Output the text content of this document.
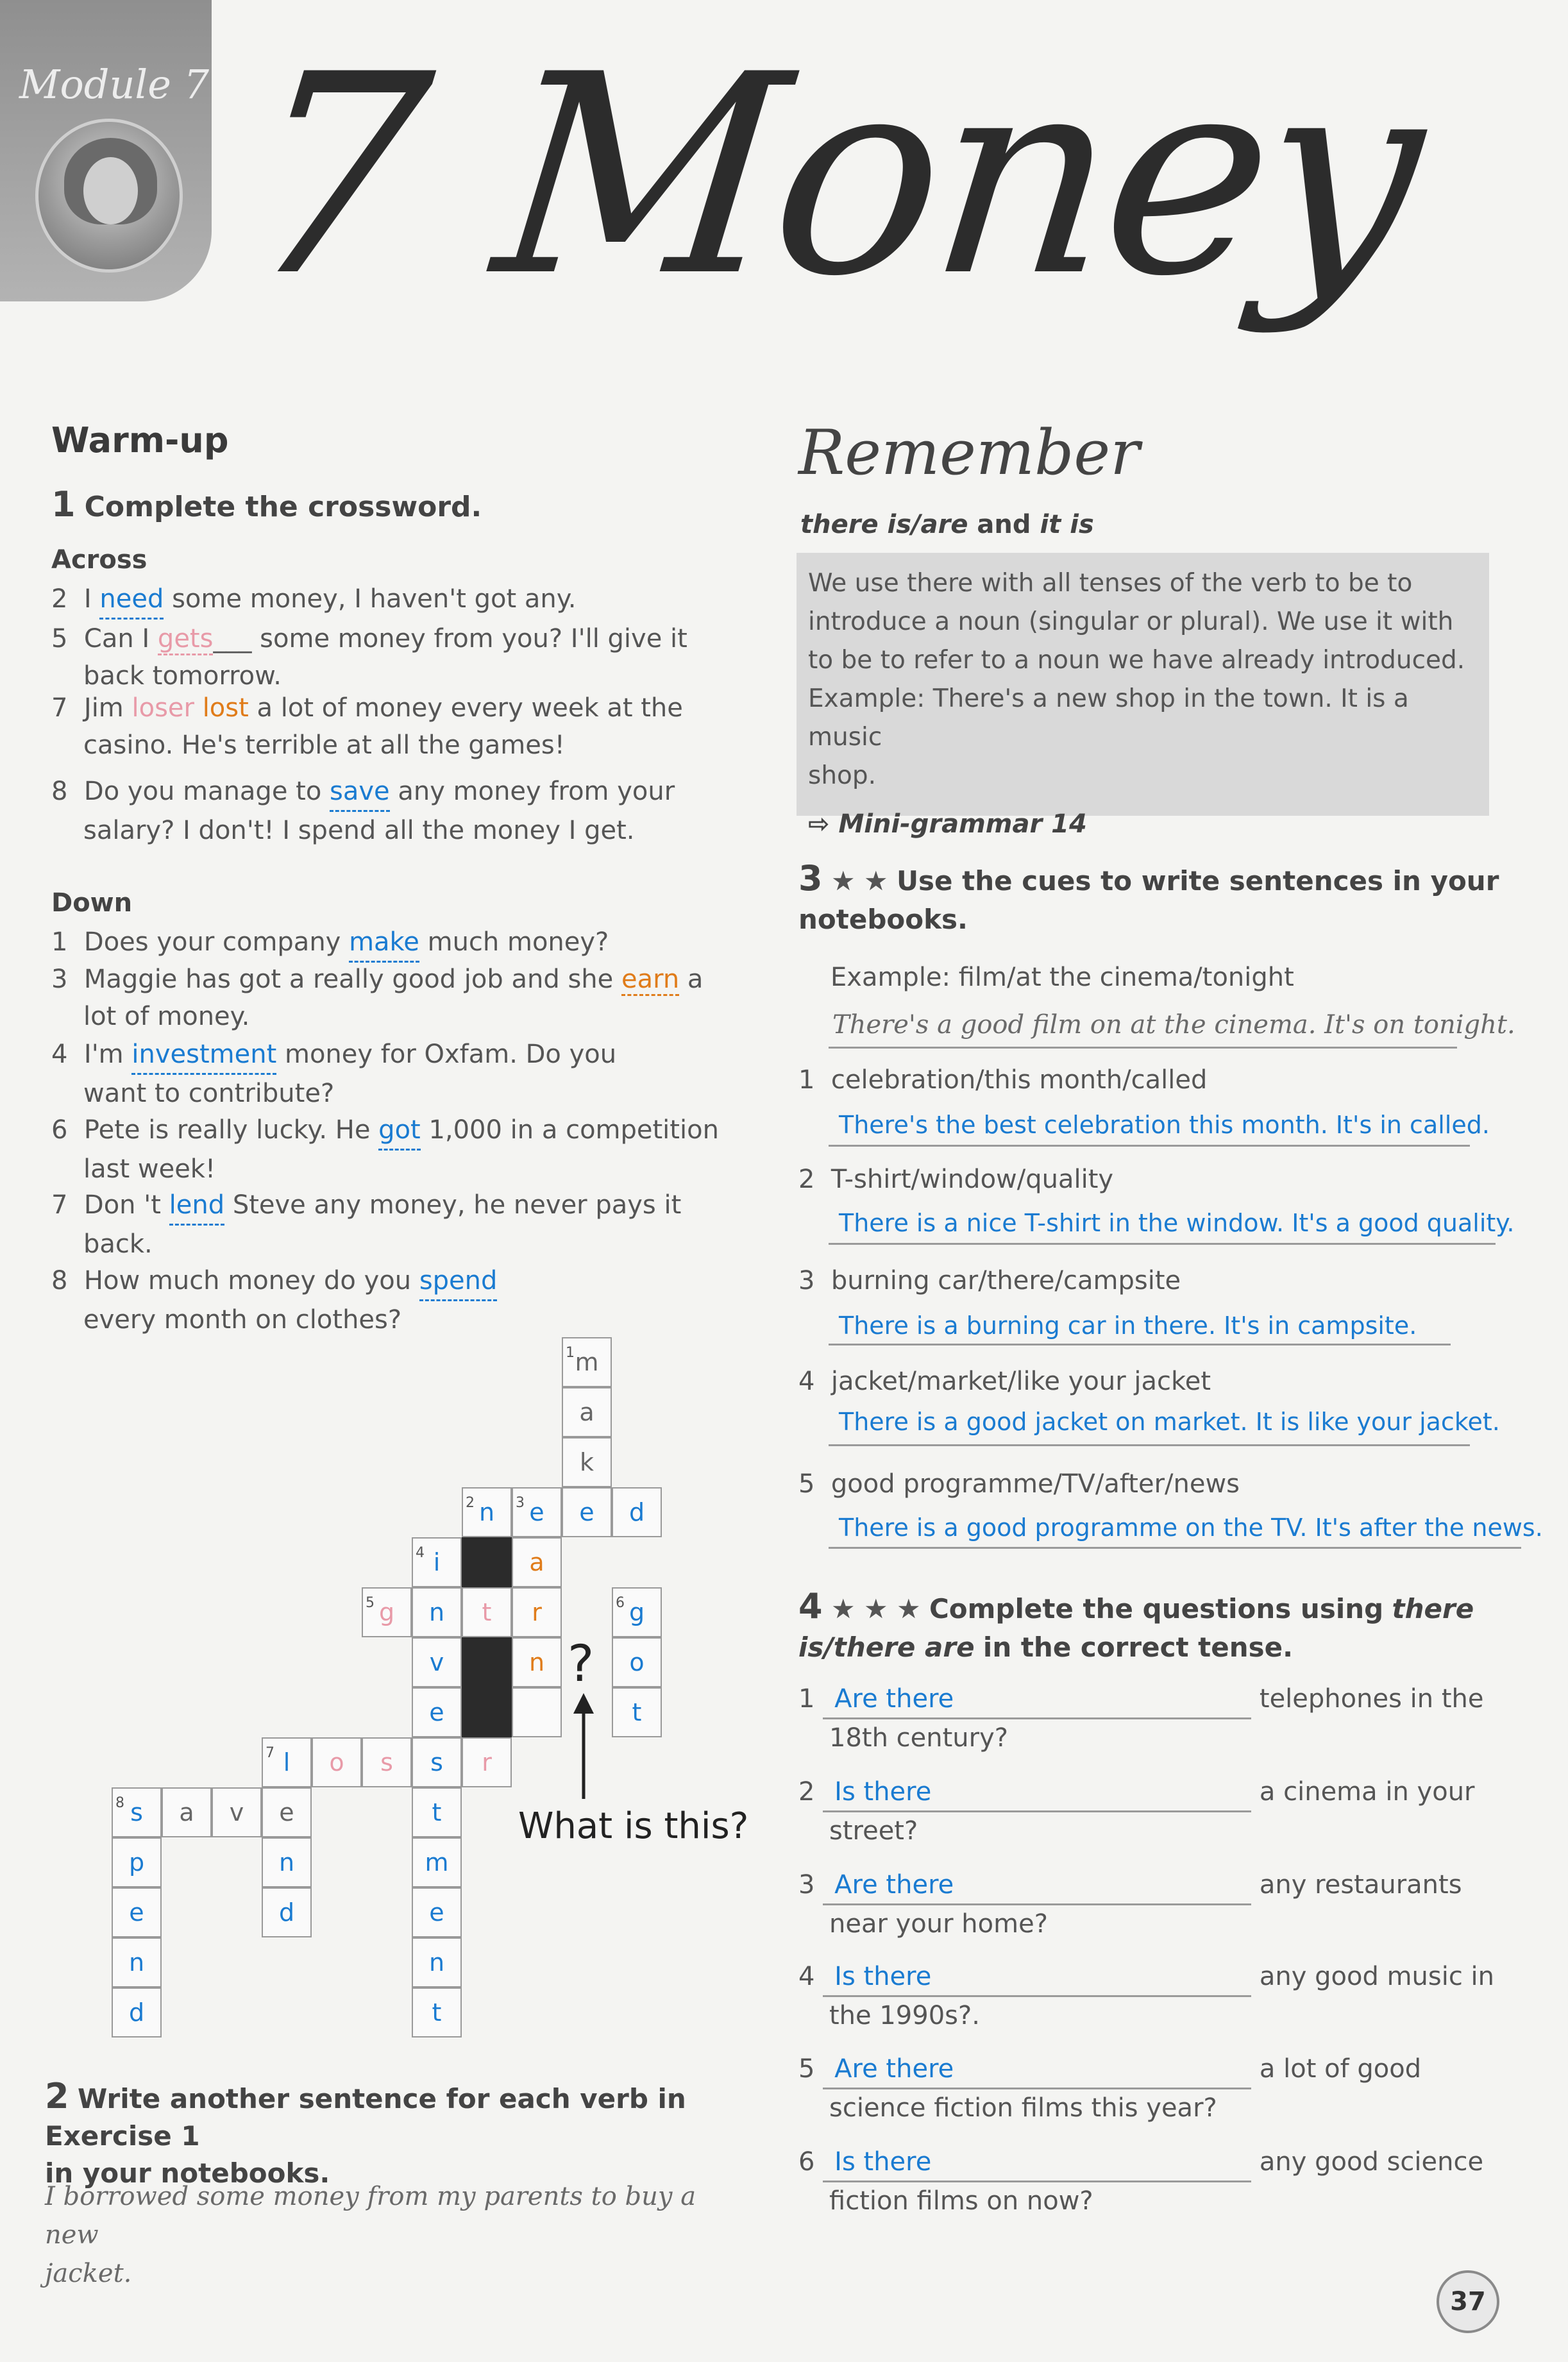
Module 7 7 Money
Warm-up
1 Complete the crossword.
Across
2 I need some money, I haven't got any.
5 Can I gets___ some money from you? I'll give it
back tomorrow.
7 Jim loser lost a lot of money every week at the
casino. He's terrible at all the games!
8 Do you manage to save any money from your
salary? I don't! I spend all the money I get.
Down
1 Does your company make much money?
3 Maggie has got a really good job and she earn a
lot of money.
4 I'm investment money for Oxfam. Do you
want to contribute?
6 Pete is really lucky. He got 1,000 in a competition
last week!
7 Don 't lend Steve any money, he never pays it
back.
8 How much money do you spend
every month on clothes?
1 m
a
k
2 n	3 e	e	d
4 i	a
5 g	n	t	r	6 g
v	n	o
e	t
7 l	o	s	s	r
8 s	a	v	e	t
p	n	m
e	d	e
n	n
d	t
?
What is this?
2 Write another sentence for each verb in Exercise 1
in your notebooks.
I borrowed some money from my parents to buy a new
jacket.
Remember
there is/are and it is
We use there with all tenses of the verb to be to
introduce a noun (singular or plural). We use it with
to be to refer to a noun we have already introduced.
Example: There's a new shop in the town. It is a music
shop.
⇨ Mini-grammar 14
3 ★ ★ Use the cues to write sentences in your
notebooks.
Example: film/at the cinema/tonight
There's a good film on at the cinema. It's on tonight.
1 celebration/this month/called
There's the best celebration this month. It's in called.
2 T-shirt/window/quality
There is a nice T-shirt in the window. It's a good quality.
3 burning car/there/campsite
There is a burning car in there. It's in campsite.
4 jacket/market/like your jacket
There is a good jacket on market. It is like your jacket.
5 good programme/TV/after/news
There is a good programme on the TV. It's after the news.
4 ★ ★ ★ Complete the questions using there
is/there are in the correct tense.
1 Are there	telephones in the
18th century?
2 Is there	a cinema in your
street?
3 Are there	any restaurants
near your home?
4 Is there	any good music in
the 1990s?.
5 Are there	a lot of good
science fiction films this year?
6 Is there	any good science
fiction films on now?
37
